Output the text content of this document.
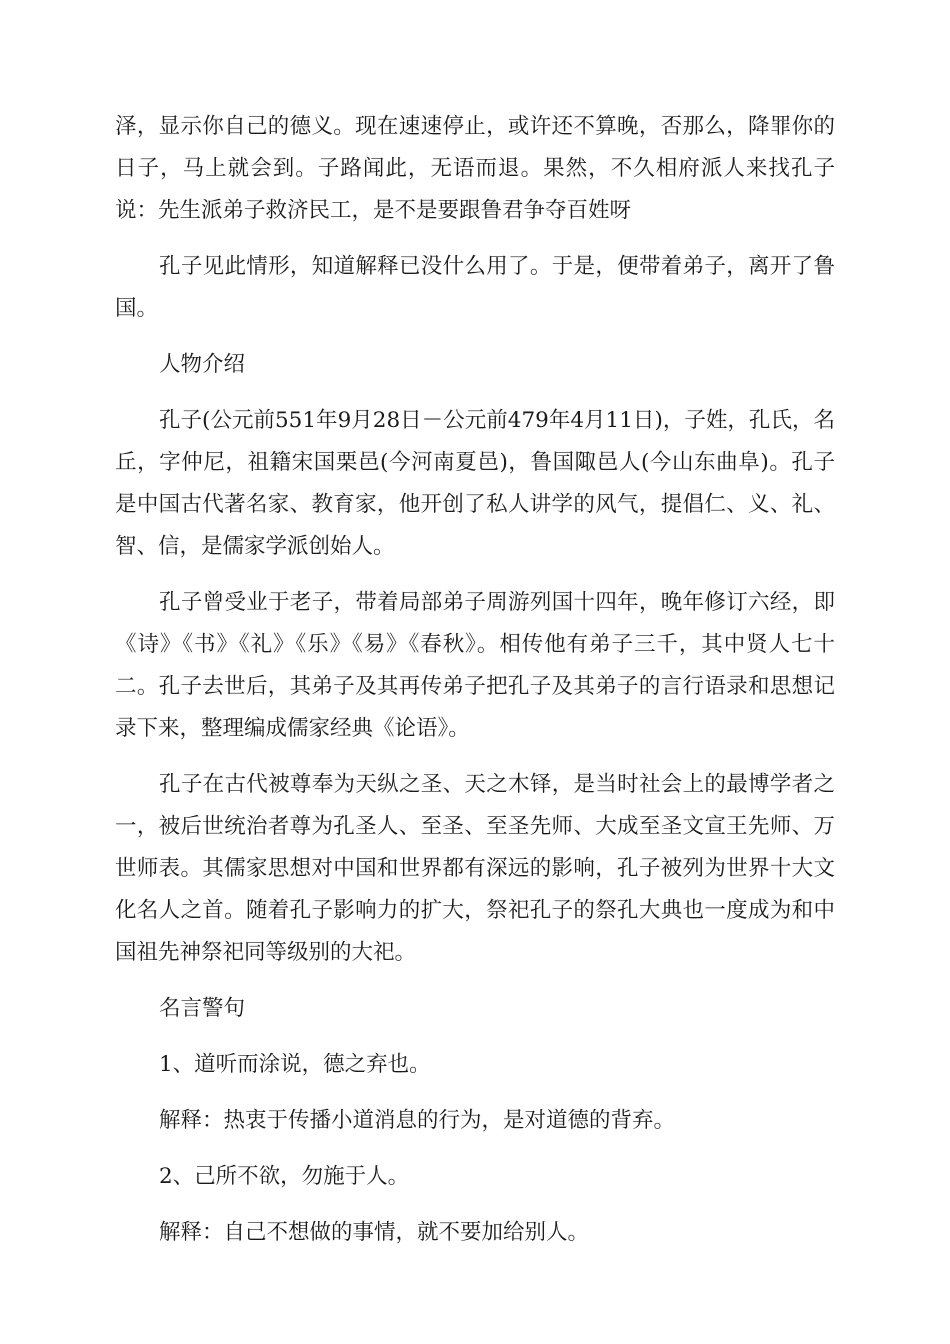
泽，显示你自己的德义。现在速速停止，或许还不算晚，否那么，降罪你的日子，马上就会到。子路闻此，无语而退。果然，不久相府派人来找孔子说：先生派弟子救济民工，是不是要跟鲁君争夺百姓呀

孔子见此情形，知道解释已没什么用了。于是，便带着弟子，离开了鲁国。

人物介绍

孔子(公元前551年9月28日－公元前479年4月11日)，子姓，孔氏，名丘，字仲尼，祖籍宋国栗邑(今河南夏邑)，鲁国陬邑人(今山东曲阜)。孔子是中国古代著名家、教育家，他开创了私人讲学的风气，提倡仁、义、礼、智、信，是儒家学派创始人。

孔子曾受业于老子，带着局部弟子周游列国十四年，晚年修订六经，即《诗》《书》《礼》《乐》《易》《春秋》。相传他有弟子三千，其中贤人七十二。孔子去世后，其弟子及其再传弟子把孔子及其弟子的言行语录和思想记录下来，整理编成儒家经典《论语》。

孔子在古代被尊奉为天纵之圣、天之木铎，是当时社会上的最博学者之一，被后世统治者尊为孔圣人、至圣、至圣先师、大成至圣文宣王先师、万世师表。其儒家思想对中国和世界都有深远的影响，孔子被列为世界十大文化名人之首。随着孔子影响力的扩大，祭祀孔子的祭孔大典也一度成为和中国祖先神祭祀同等级别的大祀。

名言警句

1、道听而涂说，德之弃也。

解释：热衷于传播小道消息的行为，是对道德的背弃。

2、己所不欲，勿施于人。

解释：自己不想做的事情，就不要加给别人。
